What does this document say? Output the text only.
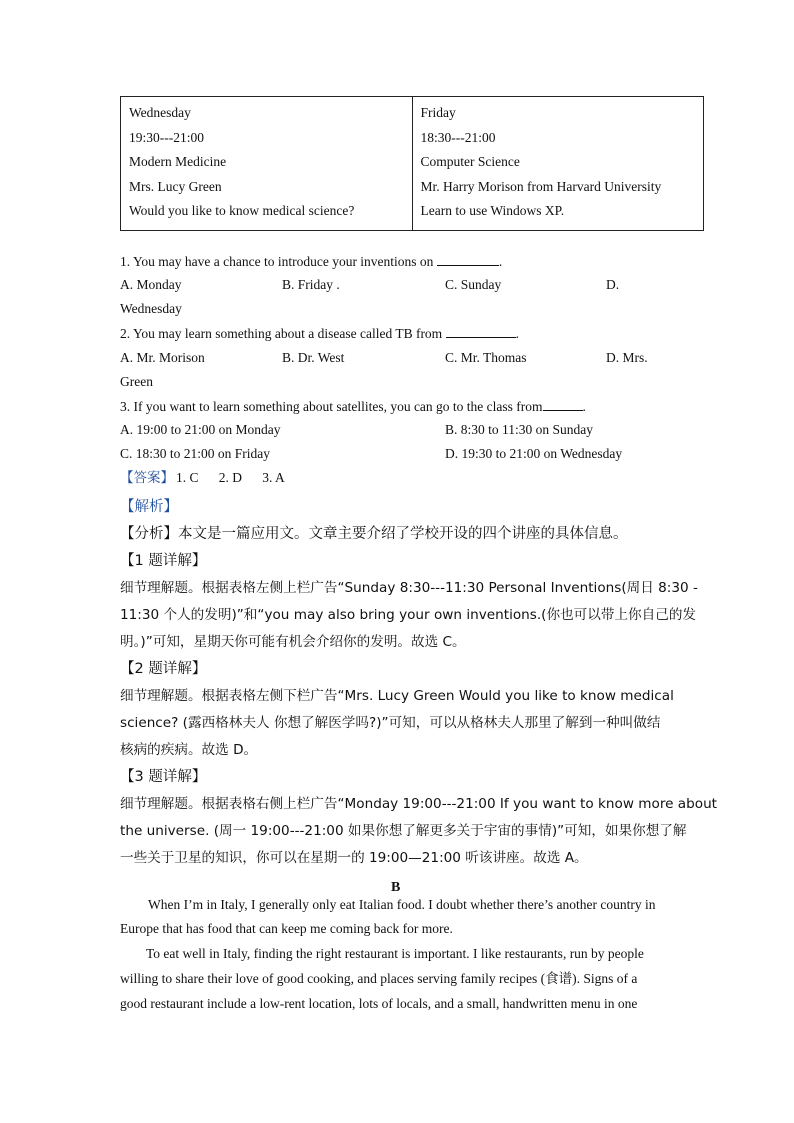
Wednesday
19:30---21:00
Modern Medicine
Mrs. Lucy Green
Would you like to know medical science?

Friday
18:30---21:00
Computer Science
Mr. Harry Morison from Harvard University
Learn to use Windows XP.
1. You may have a chance to introduce your inventions on	.
A. Monday	B. Friday .	C. Sunday	D.
Wednesday
2. You may learn something about a disease called TB from	.
A. Mr. Morison	B. Dr. West	C. Mr. Thomas	D. Mrs.
Green
3. If you want to learn something about satellites, you can go to the class from	.
A. 19:00 to 21:00 on Monday	B. 8:30 to 11:30 on Sunday
C. 18:30 to 21:00 on Friday	D. 19:30 to 21:00 on Wednesday
【答案】 1. C 2. D 3. A
【解析】
【分析】本文是一篇应用文。文章主要介绍了学校开设的四个讲座的具体信息。
【1 题详解】
细节理解题。根据表格左侧上栏广告“Sunday 8:30---11:30 Personal Inventions(周日 8:30 -
11:30 个人的发明)”和“you may also bring your own inventions.(你也可以带上你自己的发
明。)”可知，星期天你可能有机会介绍你的发明。故选 C。
【2 题详解】
细节理解题。根据表格左侧下栏广告“Mrs. Lucy Green Would you like to know medical
science? (露西格林夫人 你想了解医学吗?)”可知，可以从格林夫人那里了解到一种叫做结
核病的疾病。故选 D。
【3 题详解】
细节理解题。根据表格右侧上栏广告“Monday 19:00---21:00 If you want to know more about
the universe. (周一 19:00---21:00 如果你想了解更多关于宇宙的事情)”可知，如果你想了解
一些关于卫星的知识，你可以在星期一的 19:00—21:00 听该讲座。故选 A。
B
When I’m in Italy, I generally only eat Italian food. I doubt whether there’s another country in
Europe that has food that can keep me coming back for more.
To eat well in Italy, finding the right restaurant is important. I like restaurants, run by people
willing to share their love of good cooking, and places serving family recipes (食谱). Signs of a
good restaurant include a low-rent location, lots of locals, and a small, handwritten menu in one
